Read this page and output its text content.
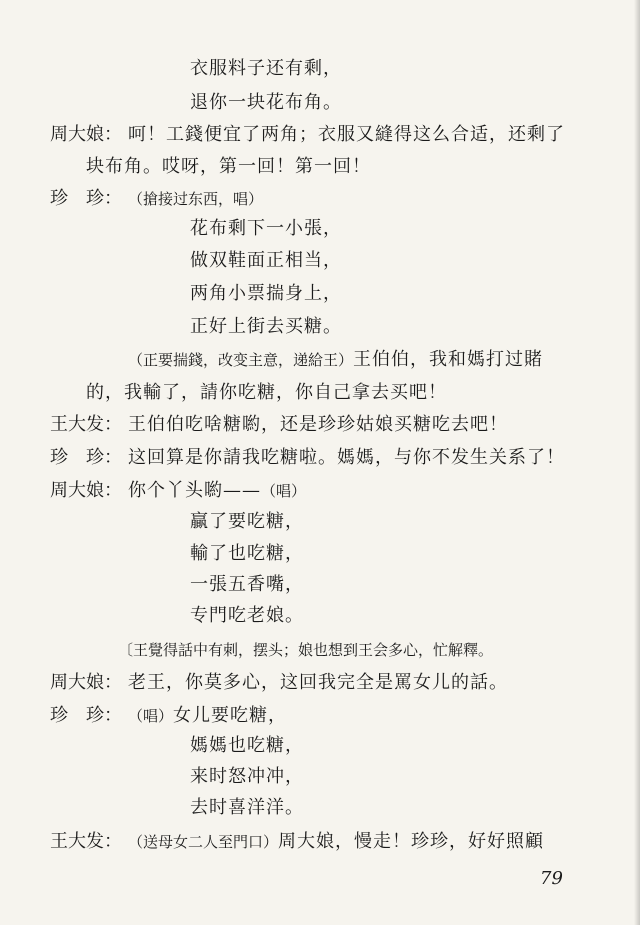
衣服料子还有剩，
退你一块花布角。
周大娘： 呵！工錢便宜了两角；衣服又縫得这么合适，还剩了
块布角。哎呀，第一回！第一回！
珍　珍： （搶接过东西，唱）
花布剩下一小張，
做双鞋面正相当，
两角小票揣身上，
正好上街去买糖。
（正要揣錢，改变主意，递給王）王伯伯，我和媽打过賭
的，我輸了，請你吃糖，你自己拿去买吧！
王大发： 王伯伯吃啥糖喲，还是珍珍姑娘买糖吃去吧！
珍　珍： 这回算是你請我吃糖啦。媽媽，与你不发生关系了！
周大娘： 你个丫头喲——（唱）
贏了要吃糖，
輸了也吃糖，
一張五香嘴，
专門吃老娘。
〔王覺得話中有刺，摆头；娘也想到王会多心，忙解釋。
周大娘： 老王，你莫多心，这回我完全是罵女儿的話。
珍　珍： （唱）女儿要吃糖，
媽媽也吃糖，
来时怒冲冲，
去时喜洋洋。
王大发： （送母女二人至門口）周大娘，慢走！珍珍，好好照顧
79
